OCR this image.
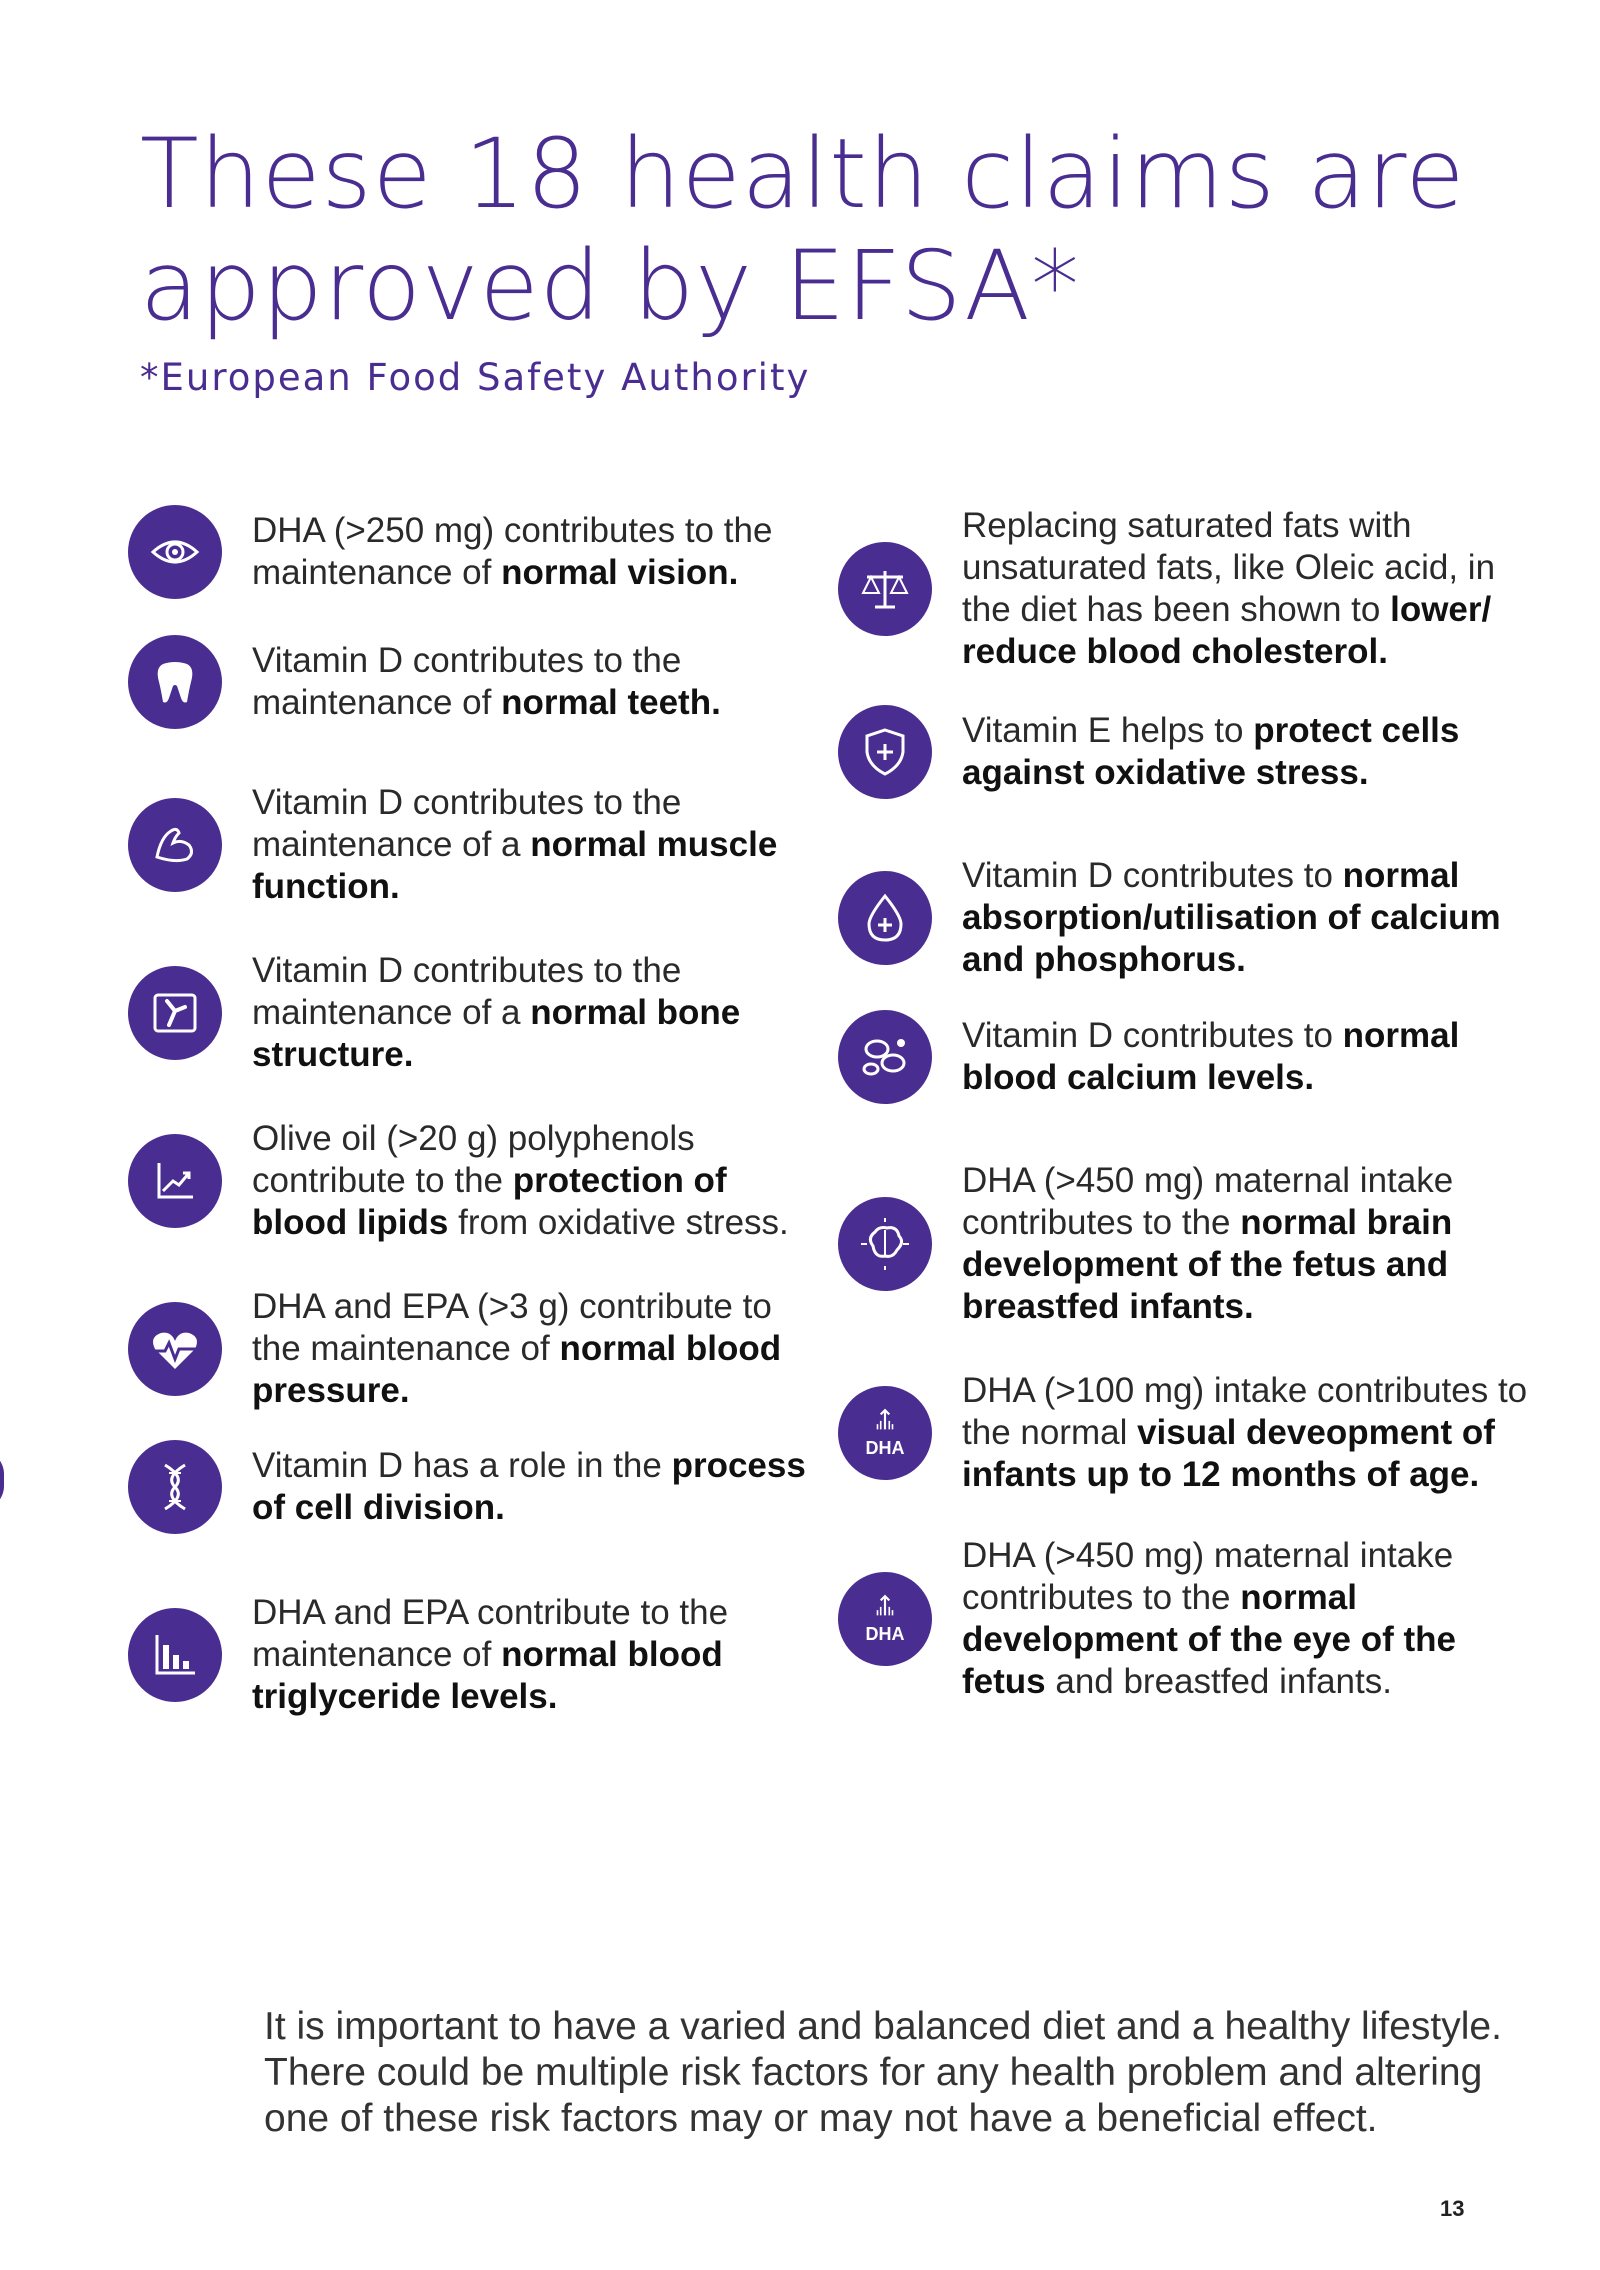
These 18 health claims are
approved by EFSA*
*European Food Safety Authority
DHA (>250 mg) contributes to the maintenance of normal vision.
Vitamin D contributes to the maintenance of normal teeth.
Vitamin D contributes to the maintenance of a normal muscle function.
Vitamin D contributes to the maintenance of a normal bone structure.
Olive oil (>20 g) polyphenols contribute to the protection of blood lipids from oxidative stress.
DHA and EPA (>3 g) contribute to the maintenance of normal blood pressure.
Vitamin D has a role in the process of cell division.
DHA and EPA contribute to the maintenance of normal blood triglyceride levels.
Replacing saturated fats with unsaturated fats, like Oleic acid, in the diet has been shown to lower/ reduce blood cholesterol.
Vitamin E helps to protect cells against oxidative stress.
Vitamin D contributes to normal absorption/utilisation of calcium and phosphorus.
Vitamin D contributes to normal blood calcium levels.
DHA (>450 mg) maternal intake contributes to the normal brain development of the fetus and breastfed infants.
DHA
DHA (>100 mg) intake contributes to the normal visual deveopment of infants up to 12 months of age.
DHA
DHA (>450 mg) maternal intake contributes to the normal development of the eye of the fetus and breastfed infants.
It is important to have a varied and balanced diet and a healthy lifestyle.
There could be multiple risk factors for any health problem and altering
one of these risk factors may or may not have a beneficial effect.
13
